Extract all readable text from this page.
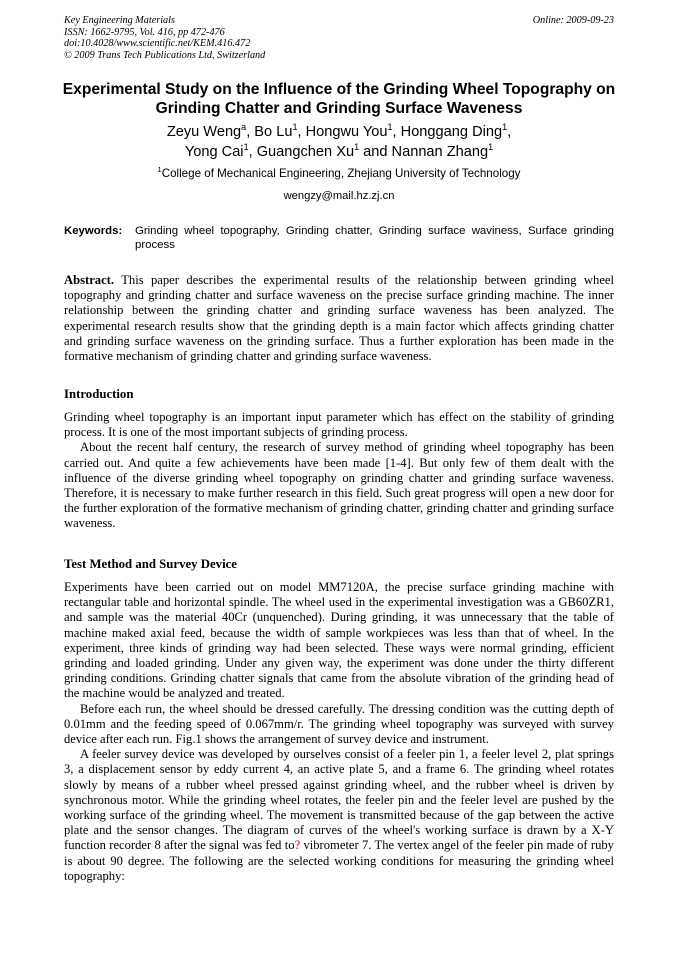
Key Engineering Materials
ISSN: 1662-9795, Vol. 416, pp 472-476
doi:10.4028/www.scientific.net/KEM.416.472
© 2009 Trans Tech Publications Ltd, Switzerland
Online: 2009-09-23
Experimental Study on the Influence of the Grinding Wheel Topography on Grinding Chatter and Grinding Surface Waveness
Zeyu Weng$^a$, Bo Lu$^1$, Hongwu You$^1$, Honggang Ding$^1$,
Yong Cai$^1$, Guangchen Xu$^1$ and Nannan Zhang$^1$
$^1$College of Mechanical Engineering, Zhejiang University of Technology
wengzy@mail.hz.zj.cn
Keywords: Grinding wheel topography, Grinding chatter, Grinding surface waviness, Surface grinding process
Abstract. This paper describes the experimental results of the relationship between grinding wheel topography and grinding chatter and surface waveness on the precise surface grinding machine. The inner relationship between the grinding chatter and grinding surface waveness has been analyzed. The experimental research results show that the grinding depth is a main factor which affects grinding chatter and grinding surface waveness on the grinding surface. Thus a further exploration has been made in the formative mechanism of grinding chatter and grinding surface waveness.
Introduction

Grinding wheel topography is an important input parameter which has effect on the stability of grinding process. It is one of the most important subjects of grinding process.

About the recent half century, the research of survey method of grinding wheel topography has been carried out. And quite a few achievements have been made [1-4]. But only few of them dealt with the influence of the diverse grinding wheel topography on grinding chatter and grinding surface waveness. Therefore, it is necessary to make further research in this field. Such great progress will open a new door for the further exploration of the formative mechanism of grinding chatter, grinding chatter and grinding surface waveness.

Test Method and Survey Device

Experiments have been carried out on model MM7120A, the precise surface grinding machine with rectangular table and horizontal spindle. The wheel used in the experimental investigation was a GB60ZR1, and sample was the material 40Cr (unquenched). During grinding, it was unnecessary that the table of machine maked axial feed, because the width of sample workpieces was less than that of wheel. In the experiment, three kinds of grinding way had been selected. These ways were normal grinding, efficient grinding and loaded grinding. Under any given way, the experiment was done under the thirty different grinding conditions. Grinding chatter signals that came from the absolute vibration of the grinding head of the machine would be analyzed and treated.

Before each run, the wheel should be dressed carefully. The dressing condition was the cutting depth of 0.01mm and the feeding speed of 0.067mm/r. The grinding wheel topography was surveyed with survey device after each run. Fig.1 shows the arrangement of survey device and instrument.

A feeler survey device was developed by ourselves consist of a feeler pin 1, a feeler level 2, plat springs 3, a displacement sensor by eddy current 4, an active plate 5, and a frame 6. The grinding wheel rotates slowly by means of a rubber wheel pressed against grinding wheel, and the rubber wheel is driven by synchronous motor. While the grinding wheel rotates, the feeler pin and the feeler level are pushed by the working surface of the grinding wheel. The movement is transmitted because of the gap between the active plate and the sensor changes. The diagram of curves of the wheel's working surface is drawn by a X-Y function recorder 8 after the signal was fed to? vibrometer 7. The vertex angel of the feeler pin made of ruby is about 90 degree. The following are the selected working conditions for measuring the grinding wheel topography:
